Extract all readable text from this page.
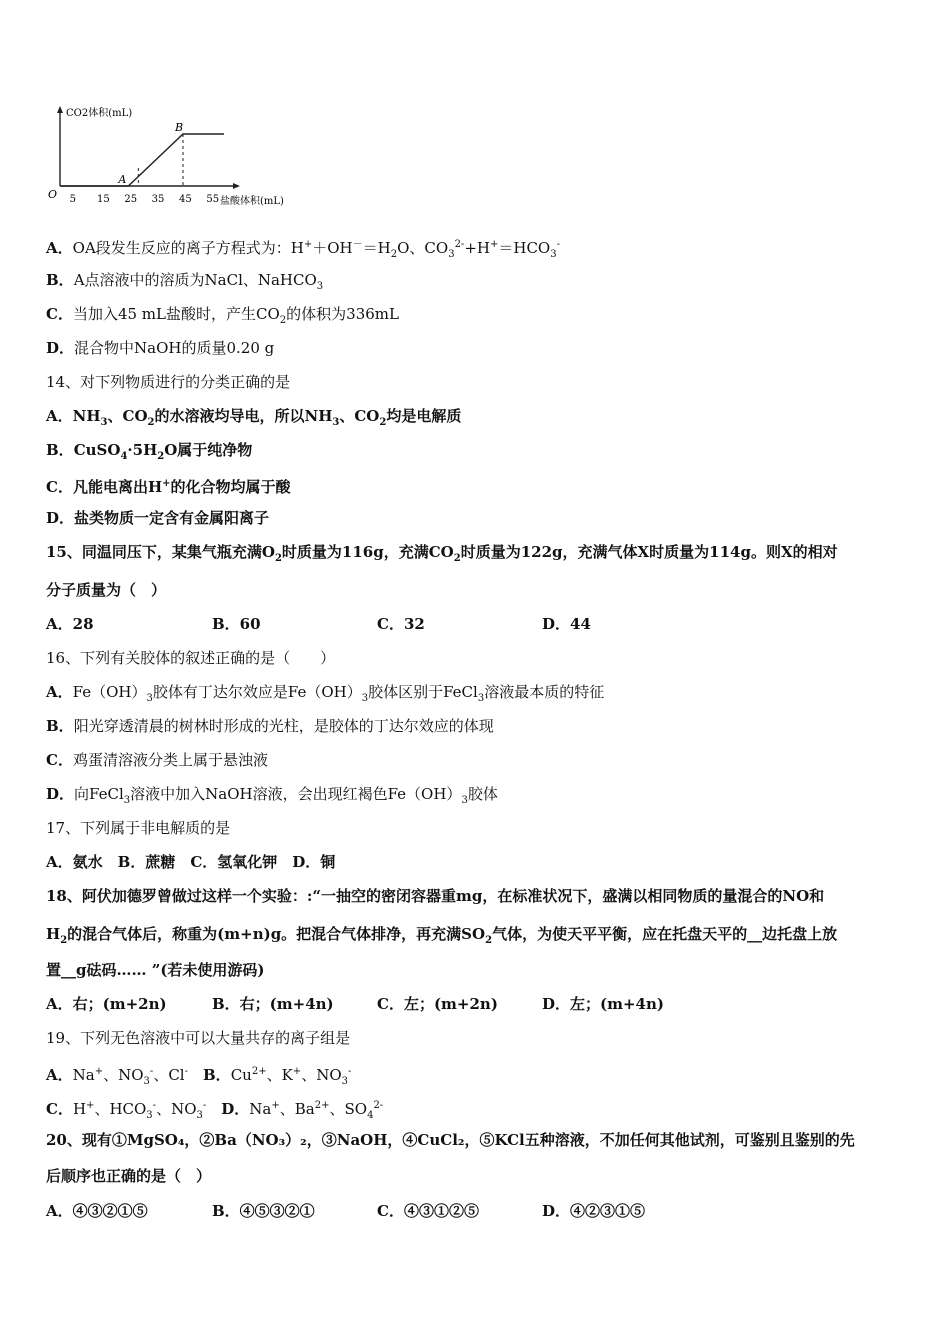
CO2体积(mL)
O 5 15 25 35 45 55 盐酸体积(mL)
A
B
A．OA段发生反应的离子方程式为：$H^++OH^-=H_2O$、$CO_3^{2-}+H^+=HCO_3^-$
B．A点溶液中的溶质为NaCl、NaHCO$_3$
C．当加入45 mL盐酸时，产生$CO_2$的体积为336mL
D．混合物中NaOH的质量0.20 g
14、对下列物质进行的分类正确的是
A．$NH_3$、$CO_2$的水溶液均导电，所以$NH_3$、$CO_2$均是电解质
B．$CuSO_4\cdot 5H_2O$属于纯净物
C．凡能电离出H+的化合物均属于酸
D．盐类物质一定含有金属阳离子
15、同温同压下，某集气瓶充满$O_2$时质量为116g，充满$CO_2$时质量为122g，充满气体X时质量为114g。则X的相对
分子质量为（　）
A．28	B．60	C．32	D．44
16、下列有关胶体的叙述正确的是（　　）
A．$Fe(OH)_3$胶体有丁达尔效应是$Fe(OH)_3$胶体区别于FeCl$_3$溶液最本质的特征
B．阳光穿透清晨的树林时形成的光柱，是胶体的丁达尔效应的体现
C．鸡蛋清溶液分类上属于悬浊液
D．向FeCl$_3$溶液中加入NaOH溶液，会出现红褐色$Fe(OH)_3$胶体
17、下列属于非电解质的是
A．氨水　B．蔗糖　C．氢氧化钾　D．铜
18、阿伏加德罗曾做过这样一个实验：:“一抽空的密闭容器重mg，在标准状况下，盛满以相同物质的量混合的NO和
$H_2$的混合气体后，称重为(m+n)g。把混合气体排净，再充满$SO_2$气体，为使天平平衡，应在托盘天平的__边托盘上放
置__g砝码…… ”(若未使用游码)
A．右；(m+2n)	B．右；(m+4n)	C．左；(m+2n)	D．左；(m+4n)
19、下列无色溶液中可以大量共存的离子组是
A．Na+、$NO_3^-$、Cl-　 B．$Cu^{2+}$、K+、$NO_3^-$
C．H+、$HCO_3^-$、$NO_3^-$　 D．Na+、$Ba^{2+}$、$SO_4^{2-}$
20、现有①MgSO₄，②Ba（NO₃）₂，③NaOH，④CuCl₂，⑤KCl五种溶液，不加任何其他试剂，可鉴别且鉴别的先
后顺序也正确的是（　）
A．④③②①⑤	B．④⑤③②①	C．④③①②⑤	D．④②③①⑤
